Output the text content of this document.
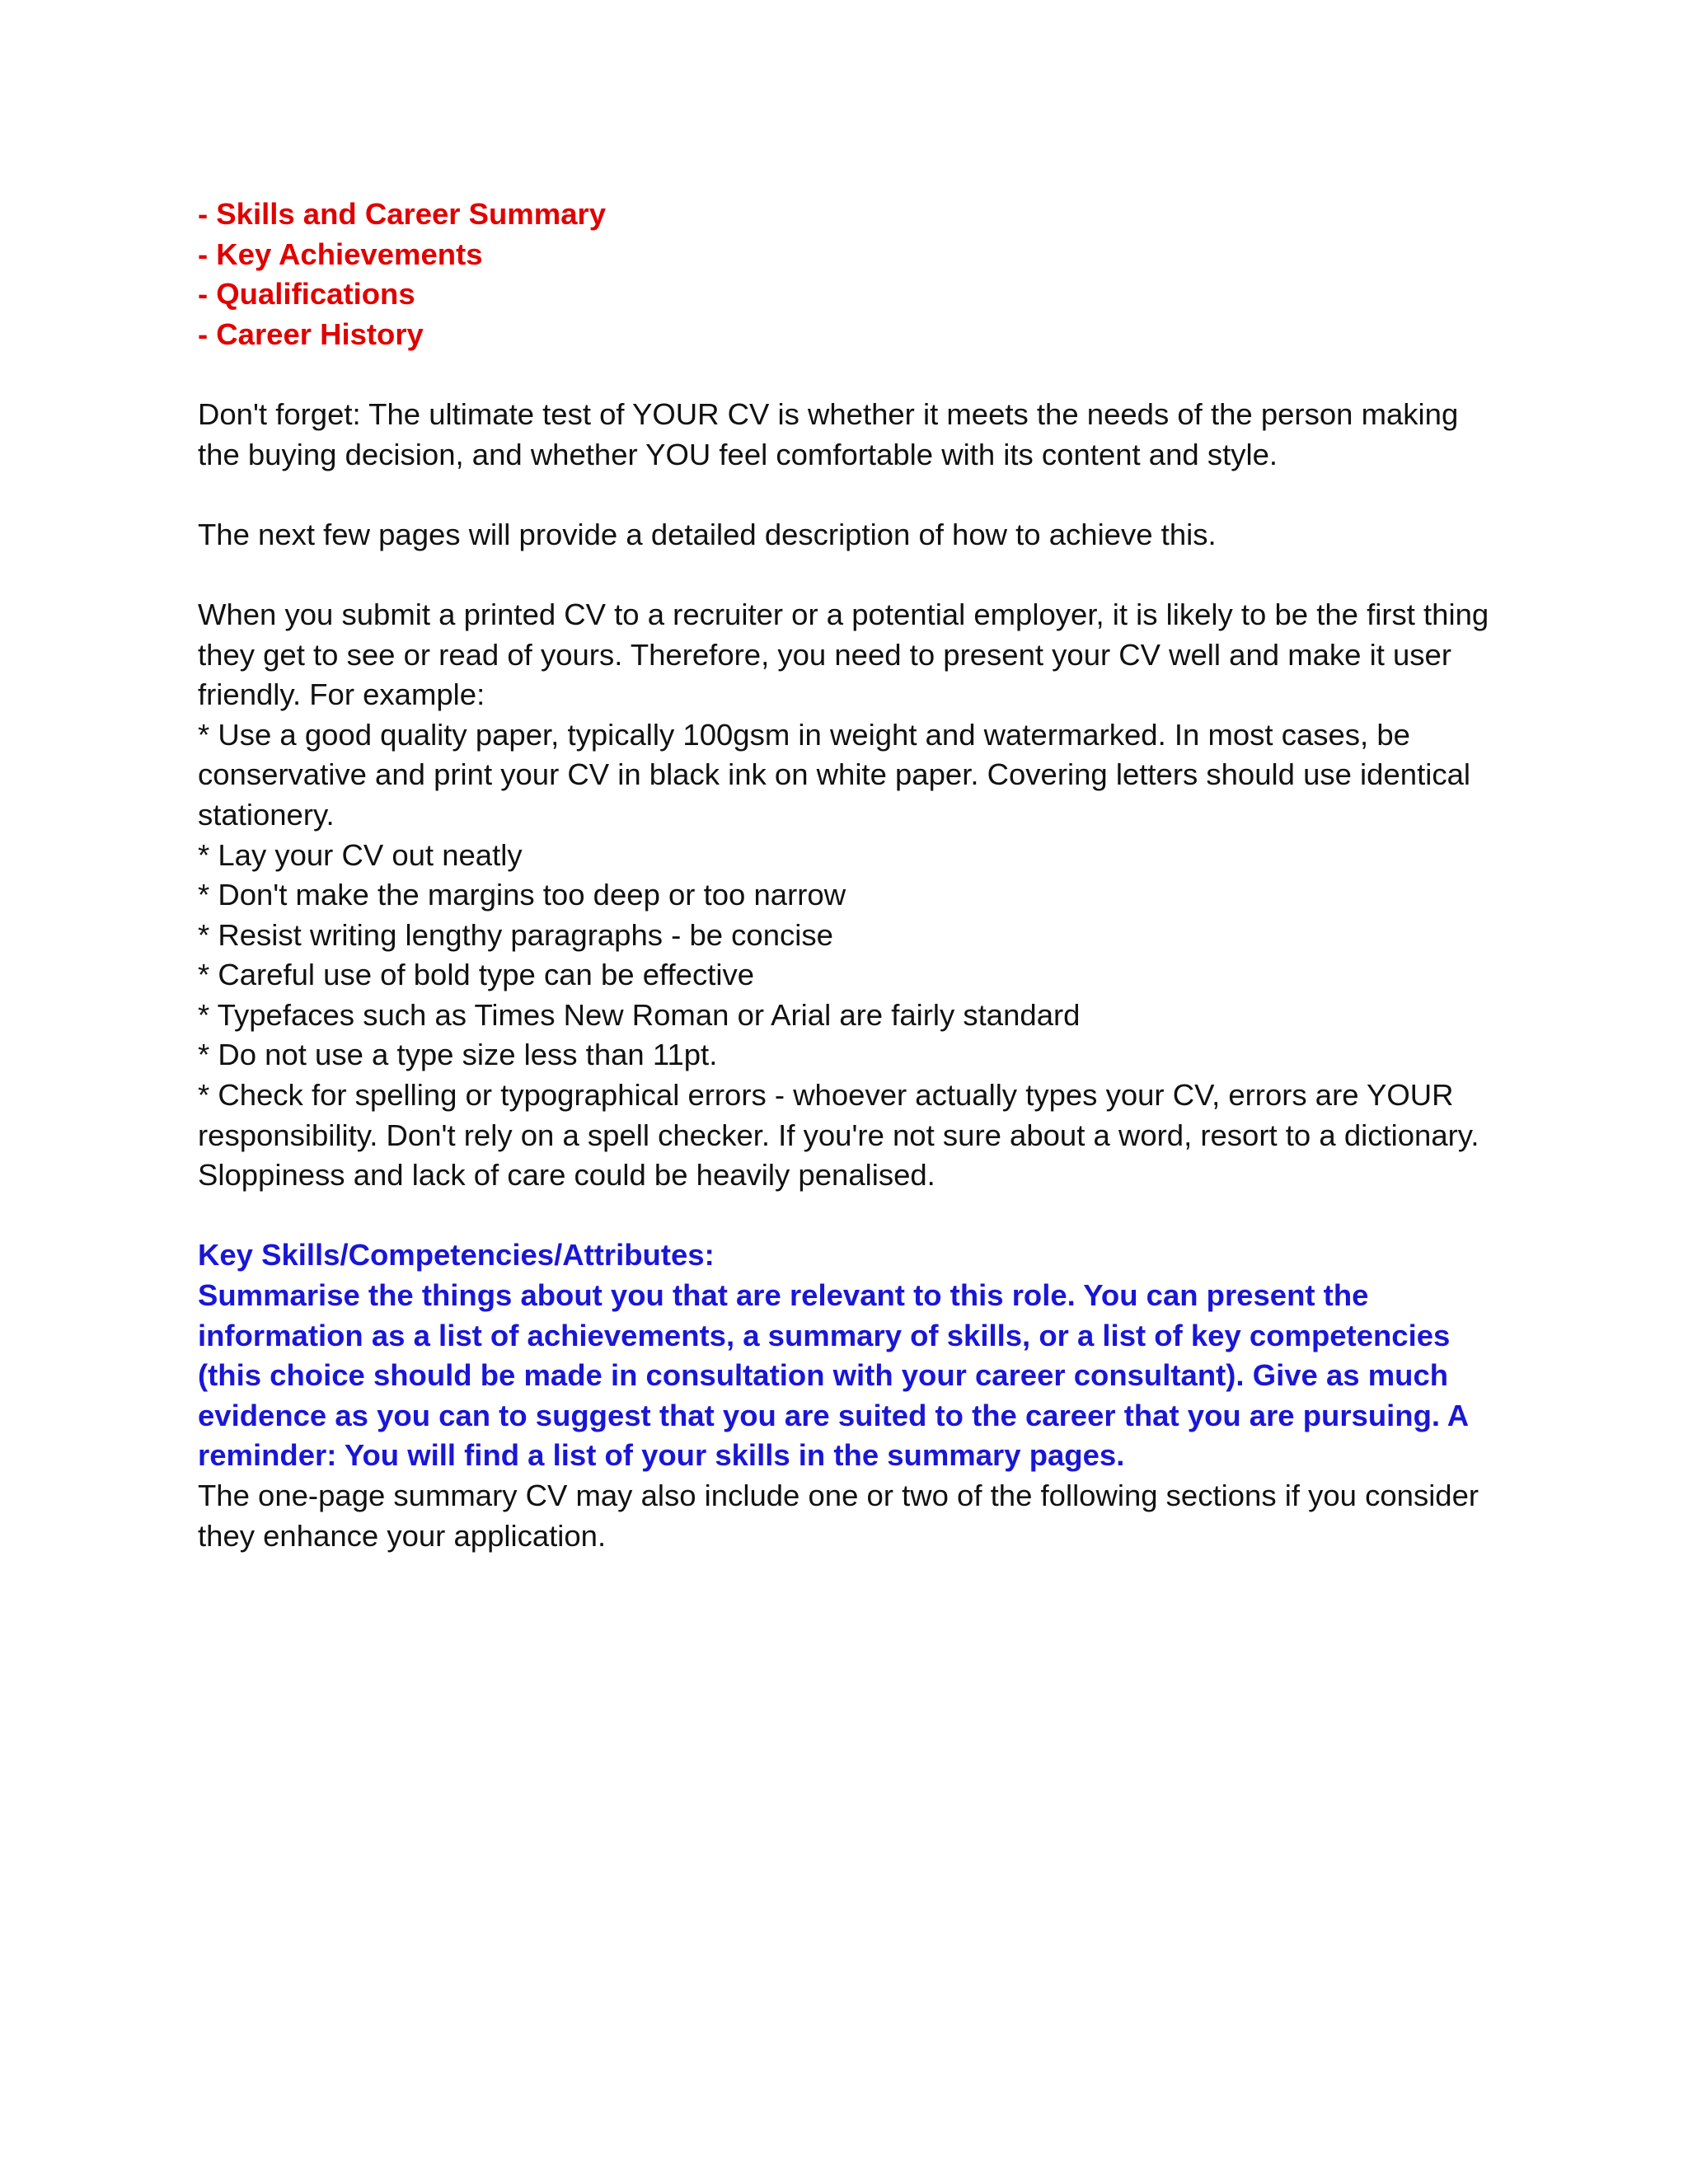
- Skills and Career Summary
- Key Achievements
- Qualifications
- Career History

Don't forget: The ultimate test of YOUR CV is whether it meets the needs of the person making the buying decision, and whether YOU feel comfortable with its content and style.

The next few pages will provide a detailed description of how to achieve this.

When you submit a printed CV to a recruiter or a potential employer, it is likely to be the first thing they get to see or read of yours. Therefore, you need to present your CV well and make it user friendly. For example:

* Use a good quality paper, typically 100gsm in weight and watermarked. In most cases, be conservative and print your CV in black ink on white paper. Covering letters should use identical stationery.
* Lay your CV out neatly
* Don't make the margins too deep or too narrow
* Resist writing lengthy paragraphs - be concise
* Careful use of bold type can be effective
* Typefaces such as Times New Roman or Arial are fairly standard
* Do not use a type size less than 11pt.
* Check for spelling or typographical errors - whoever actually types your CV, errors are YOUR responsibility. Don't rely on a spell checker. If you're not sure about a word, resort to a dictionary. Sloppiness and lack of care could be heavily penalised.

Key Skills/Competencies/Attributes:

Summarise the things about you that are relevant to this role. You can present the information as a list of achievements, a summary of skills, or a list of key competencies (this choice should be made in consultation with your career consultant). Give as much evidence as you can to suggest that you are suited to the career that you are pursuing. A reminder: You will find a list of your skills in the summary pages.

The one-page summary CV may also include one or two of the following sections if you consider they enhance your application.
